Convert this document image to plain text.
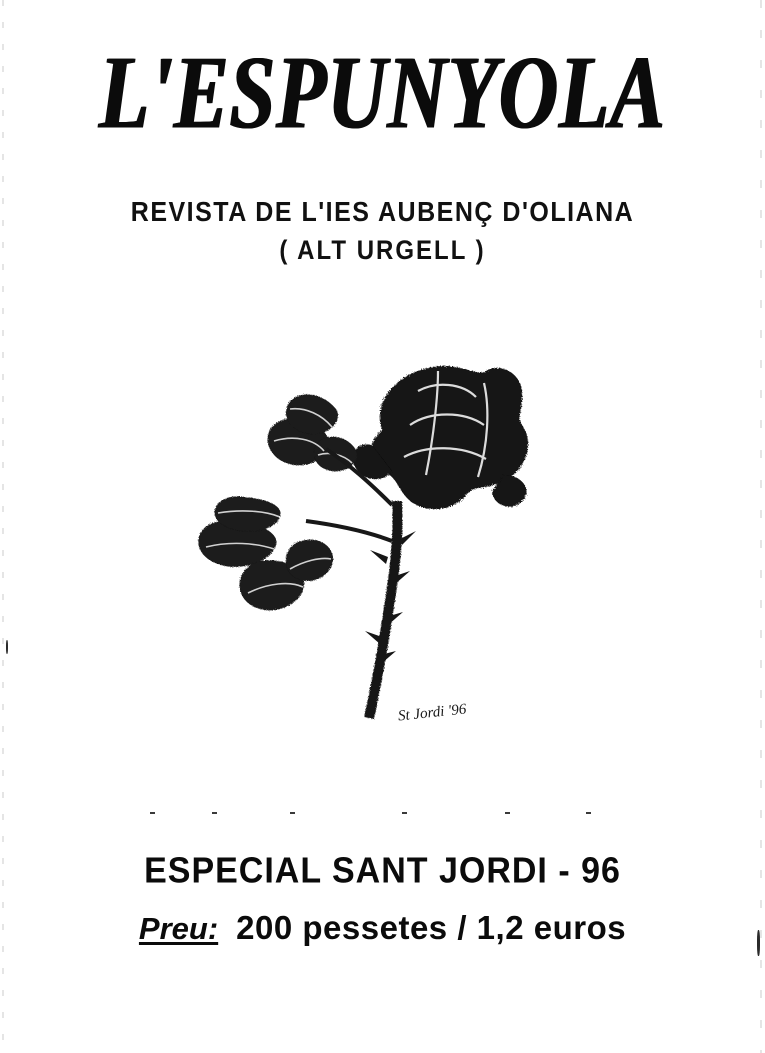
L'ESPUNYOLA
REVISTA DE L'IES AUBENÇ D'OLIANA
( ALT URGELL )
St Jordi '96
ESPECIAL SANT JORDI - 96
Preu: 200 pessetes / 1,2 euros
